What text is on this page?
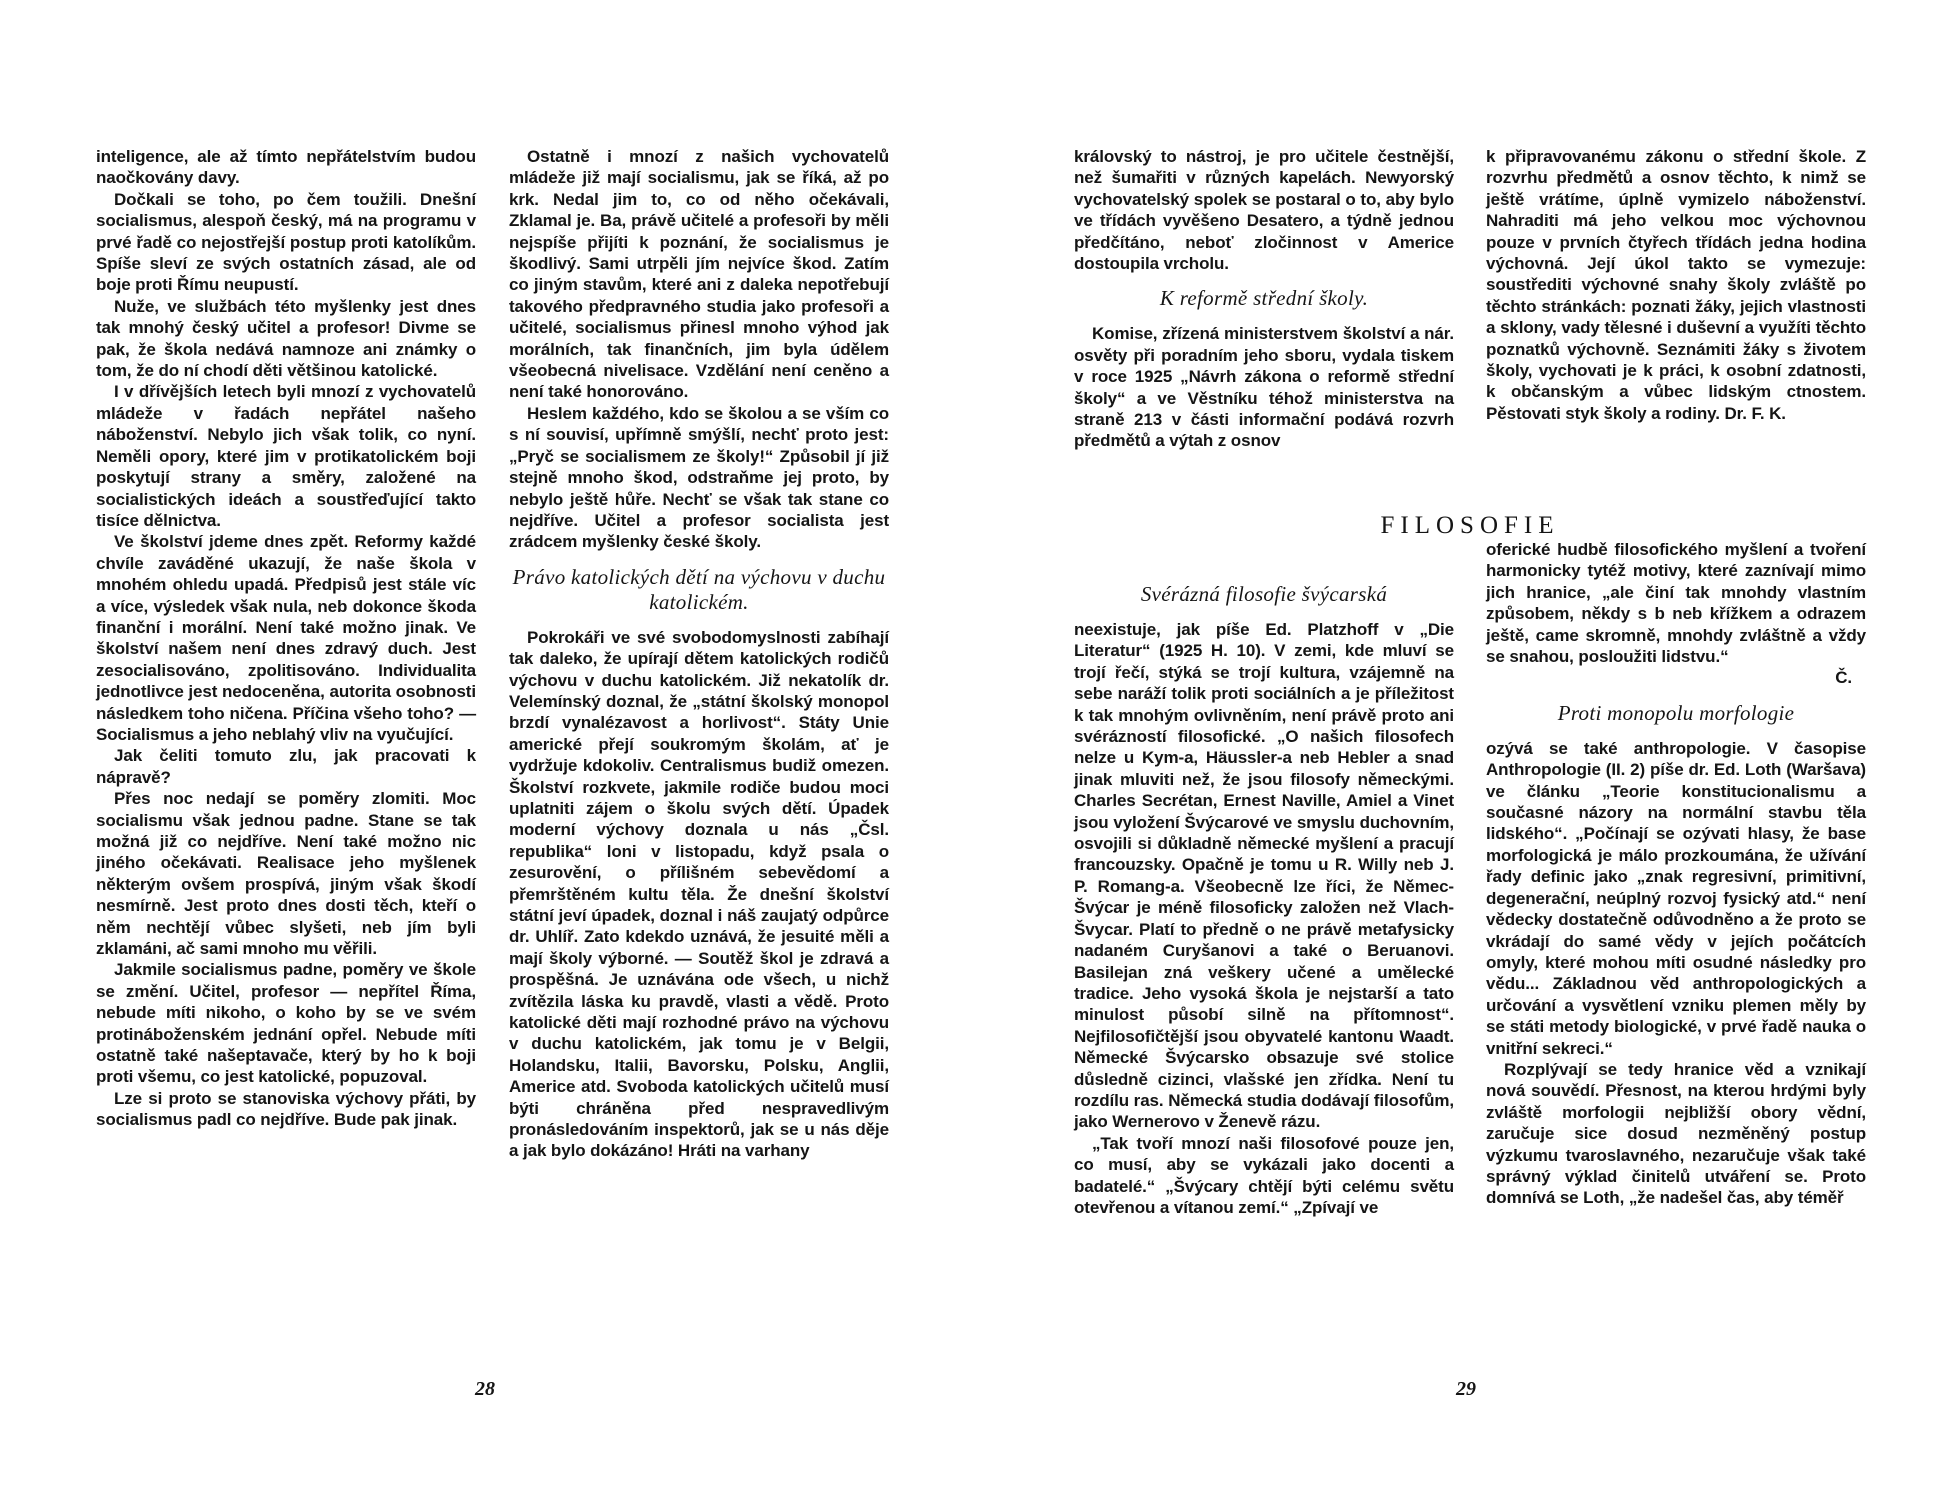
inteligence, ale až tímto nepřátelstvím budou naočkovány davy.

Dočkali se toho, po čem toužili. Dnešní socialismus, alespoň český, má na programu v prvé řadě co nejostřejší postup proti katolíkům. Spíše sleví ze svých ostatních zásad, ale od boje proti Římu neupustí.

Nuže, ve službách této myšlenky jest dnes tak mnohý český učitel a profesor! Divme se pak, že škola nedává namnoze ani známky o tom, že do ní chodí děti většinou katolické.

I v dřívějších letech byli mnozí z vychovatelů mládeže v řadách nepřátel našeho náboženství. Nebylo jich však tolik, co nyní. Neměli opory, které jim v protikatolickém boji poskytují strany a směry, založené na socialistických ideách a soustřeďující takto tisíce dělnictva.

Ve školství jdeme dnes zpět. Reformy každé chvíle zaváděné ukazují, že naše škola v mnohém ohledu upadá. Předpisů jest stále víc a více, výsledek však nula, neb dokonce škoda finanční i morální. Není také možno jinak. Ve školství našem není dnes zdravý duch. Jest zesocialisováno, zpolitisováno. Individualita jednotlivce jest nedoceněna, autorita osobnosti následkem toho ničena. Příčina všeho toho? — Socialismus a jeho neblahý vliv na vyučující.

Jak čeliti tomuto zlu, jak pracovati k nápravě?

Přes noc nedají se poměry zlomiti. Moc socialismu však jednou padne. Stane se tak možná již co nejdříve. Není také možno nic jiného očekávati. Realisace jeho myšlenek některým ovšem prospívá, jiným však škodí nesmírně. Jest proto dnes dosti těch, kteří o něm nechtějí vůbec slyšeti, neb jím byli zklamáni, ač sami mnoho mu věřili.

Jakmile socialismus padne, poměry ve škole se změní. Učitel, profesor — nepřítel Říma, nebude míti nikoho, o koho by se ve svém protináboženském jednání opřel. Nebude míti ostatně také našeptavače, který by ho k boji proti všemu, co jest katolické, popuzoval.

Lze si proto se stanoviska výchovy přáti, by socialismus padl co nejdříve. Bude pak jinak.

Ostatně i mnozí z našich vychovatelů mládeže již mají socialismu, jak se říká, až po krk. Nedal jim to, co od něho očekávali, Zklamal je. Ba, právě učitelé a profesoři by měli nejspíše přijíti k poznání, že socialismus je škodlivý. Sami utrpěli jím nejvíce škod. Zatím co jiným stavům, které ani z daleka nepotřebují takového předpravného studia jako profesoři a učitelé, socialismus přinesl mnoho výhod jak morálních, tak finančních, jim byla údělem všeobecná nivelisace. Vzdělání není ceněno a není také honorováno.

Heslem každého, kdo se školou a se vším co s ní souvisí, upřímně smýšlí, nechť proto jest: „Pryč se socialismem ze školy!“ Způsobil jí již stejně mnoho škod, odstraňme jej proto, by nebylo ještě hůře. Nechť se však tak stane co nejdříve. Učitel a profesor socialista jest zrádcem myšlenky české školy.

Právo katolických dětí na výchovu v duchu katolickém.

Pokrokáři ve své svobodomyslnosti zabíhají tak daleko, že upírají dětem katolických rodičů výchovu v duchu katolickém. Již nekatolík dr. Velemínský doznal, že „státní školský monopol brzdí vynalézavost a horlivost“. Státy Unie americké přejí soukromým školám, ať je vydržuje kdokoliv. Centralismus budiž omezen. Školství rozkvete, jakmile rodiče budou moci uplatniti zájem o školu svých dětí. Úpadek moderní výchovy doznala u nás „Čsl. republika“ loni v listopadu, když psala o zesurovění, o přílišném sebevědomí a přemrštěném kultu těla. Že dnešní školství státní jeví úpadek, doznal i náš zaujatý odpůrce dr. Uhlíř. Zato kdekdo uznává, že jesuité měli a mají školy výborné. — Soutěž škol je zdravá a prospěšná. Je uznávána ode všech, u nichž zvítězila láska ku pravdě, vlasti a vědě. Proto katolické děti mají rozhodné právo na výchovu v duchu katolickém, jak tomu je v Belgii, Holandsku, Italii, Bavorsku, Polsku, Anglii, Americe atd. Svoboda katolických učitelů musí býti chráněna před nespravedlivým pronásledováním inspektorů, jak se u nás děje a jak bylo dokázáno! Hráti na varhany

28

královský to nástroj, je pro učitele čestnější, než šumařiti v různých kapelách. Newyorský vychovatelský spolek se postaral o to, aby bylo ve třídách vyvěšeno Desatero, a týdně jednou předčítáno, neboť zločinnost v Americe dostoupila vrcholu.

K reformě střední školy.

Komise, zřízená ministerstvem školství a nár. osvěty při poradním jeho sboru, vydala tiskem v roce 1925 „Návrh zákona o reformě střední školy“ a ve Věstníku téhož ministerstva na straně 213 v části informační podává rozvrh předmětů a výtah z osnov

k připravovanému zákonu o střední škole. Z rozvrhu předmětů a osnov těchto, k nimž se ještě vrátíme, úplně vymizelo náboženství. Nahraditi má jeho velkou moc výchovnou pouze v prvních čtyřech třídách jedna hodina výchovná. Její úkol takto se vymezuje: soustřediti výchovné snahy školy zvláště po těchto stránkách: poznati žáky, jejich vlastnosti a sklony, vady tělesné i duševní a využíti těchto poznatků výchovně. Seznámiti žáky s životem školy, vychovati je k práci, k osobní zdatnosti, k občanským a vůbec lidským ctnostem. Pěstovati styk školy a rodiny. Dr. F. K.

FILOSOFIE
Svérázná filosofie švýcarská

neexistuje, jak píše Ed. Platzhoff v „Die Literatur“ (1925 H. 10). V zemi, kde mluví se trojí řečí, stýká se trojí kultura, vzájemně na sebe naráží tolik proti sociálních a je příležitost k tak mnohým ovlivněním, není právě proto ani svérázností filosofické. „O našich filosofech nelze u Kym-a, Häussler-a neb Hebler a snad jinak mluviti než, že jsou filosofy německými. Charles Secrétan, Ernest Naville, Amiel a Vinet jsou vyložení Švýcarové ve smyslu duchovním, osvojili si důkladně německé myšlení a pracují francouzsky. Opačně je tomu u R. Willy neb J. P. Romang-a. Všeobecně lze říci, že Němec-Švýcar je méně filosoficky založen než Vlach-Švycar. Platí to předně o ne právě metafysicky nadaném Curyšanovi a také o Beruanovi. Basilejan zná veškery učené a umělecké tradice. Jeho vysoká škola je nejstarší a tato minulost působí silně na přítomnost“. Nejfilosofičtější jsou obyvatelé kantonu Waadt. Německé Švýcarsko obsazuje své stolice důsledně cizinci, vlašské jen zřídka. Není tu rozdílu ras. Německá studia dodávají filosofům, jako Wernerovo v Ženevě rázu.

„Tak tvoří mnozí naši filosofové pouze jen, co musí, aby se vykázali jako docenti a badatelé.“ „Švýcary chtějí býti celému světu otevřenou a vítanou zemí.“ „Zpívají ve

oferické hudbě filosofického myšlení a tvoření harmonicky tytéž motivy, které zaznívají mimo jich hranice, „ale činí tak mnohdy vlastním způsobem, někdy s b neb křížkem a odrazem ještě, came skromně, mnohdy zvláštně a vždy se snahou, posloužiti lidstvu.“

Č.

Proti monopolu morfologie

ozývá se také anthropologie. V časopise Anthropologie (II. 2) píše dr. Ed. Loth (Waršava) ve článku „Teorie konstitucionalismu a současné názory na normální stavbu těla lidského“. „Počínají se ozývati hlasy, že base morfologická je málo prozkoumána, že užívání řady definic jako „znak regresivní, primitivní, degenerační, neúplný rozvoj fysický atd.“ není vědecky dostatečně odůvodněno a že proto se vkrádají do samé vědy v jejích počátcích omyly, které mohou míti osudné následky pro vědu... Základnou věd anthropologických a určování a vysvětlení vzniku plemen měly by se státi metody biologické, v prvé řadě nauka o vnitřní sekreci.“

Rozplývají se tedy hranice věd a vznikají nová souvědí. Přesnost, na kterou hrdými byly zvláště morfologii nejbližší obory vědní, zaručuje sice dosud nezměněný postup výzkumu tvaroslavného, nezaručuje však také správný výklad činitelů utváření se. Proto domnívá se Loth, „že nadešel čas, aby téměř

29
